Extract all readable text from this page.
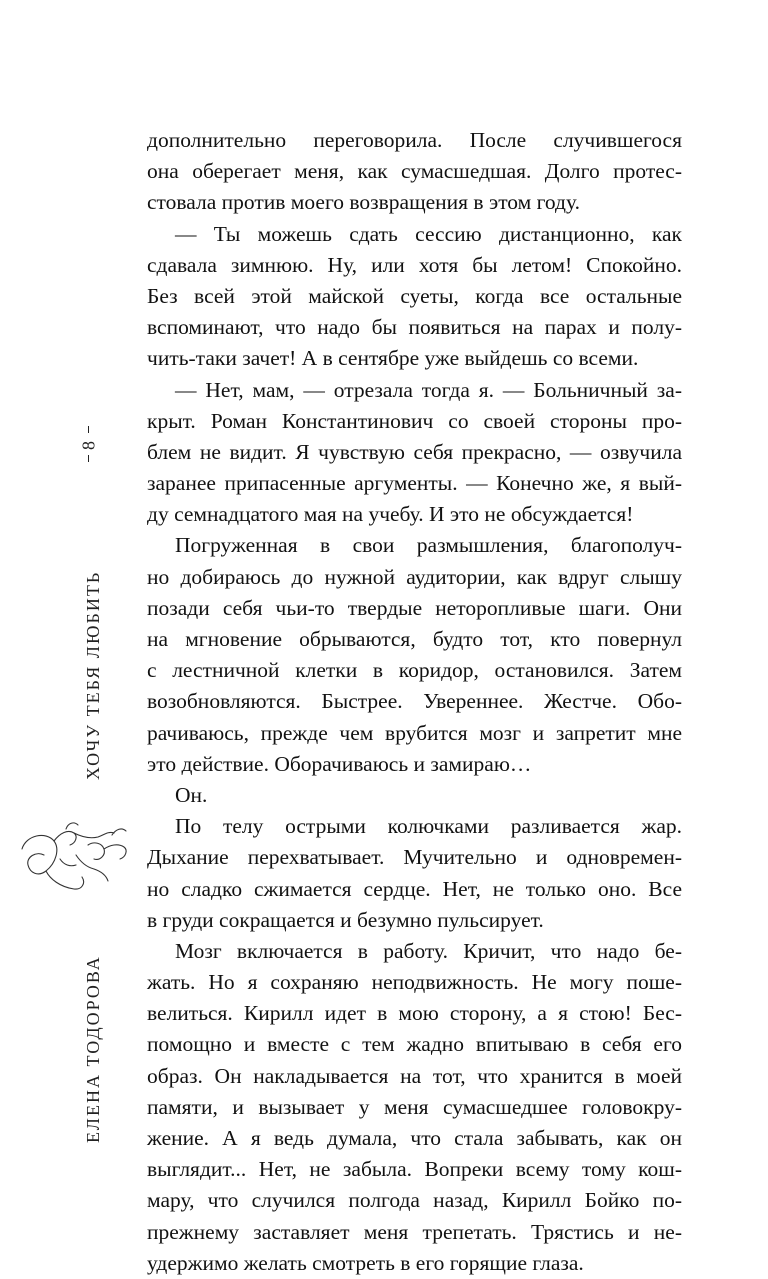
8
ХОЧУ ТЕБЯ ЛЮБИТЬ
ЕЛЕНА ТОДОРОВА
дополнительно переговорила. После случившегося
она оберегает меня, как сумасшедшая. Долго протес-
стовала против моего возвращения в этом году.
— Ты можешь сдать сессию дистанционно, как
сдавала зимнюю. Ну, или хотя бы летом! Спокойно.
Без всей этой майской суеты, когда все остальные
вспоминают, что надо бы появиться на парах и полу-
чить-таки зачет! А в сентябре уже выйдешь со всеми.
— Нет, мам, — отрезала тогда я. — Больничный за-
крыт. Роман Константинович со своей стороны про-
блем не видит. Я чувствую себя прекрасно, — озвучила
заранее припасенные аргументы. — Конечно же, я вый-
ду семнадцатого мая на учебу. И это не обсуждается!
Погруженная в свои размышления, благополуч-
но добираюсь до нужной аудитории, как вдруг слышу
позади себя чьи-то твердые неторопливые шаги. Они
на мгновение обрываются, будто тот, кто повернул
с лестничной клетки в коридор, остановился. Затем
возобновляются. Быстрее. Увереннее. Жестче. Обо-
рачиваюсь, прежде чем врубится мозг и запретит мне
это действие. Оборачиваюсь и замираю…
Он.
По телу острыми колючками разливается жар.
Дыхание перехватывает. Мучительно и одновремен-
но сладко сжимается сердце. Нет, не только оно. Все
в груди сокращается и безумно пульсирует.
Мозг включается в работу. Кричит, что надо бе-
жать. Но я сохраняю неподвижность. Не могу поше-
велиться. Кирилл идет в мою сторону, а я стою! Бес-
помощно и вместе с тем жадно впитываю в себя его
образ. Он накладывается на тот, что хранится в моей
памяти, и вызывает у меня сумасшедшее головокру-
жение. А я ведь думала, что стала забывать, как он
выглядит... Нет, не забыла. Вопреки всему тому кош-
мару, что случился полгода назад, Кирилл Бойко по-
прежнему заставляет меня трепетать. Трястись и не-
удержимо желать смотреть в его горящие глаза.
